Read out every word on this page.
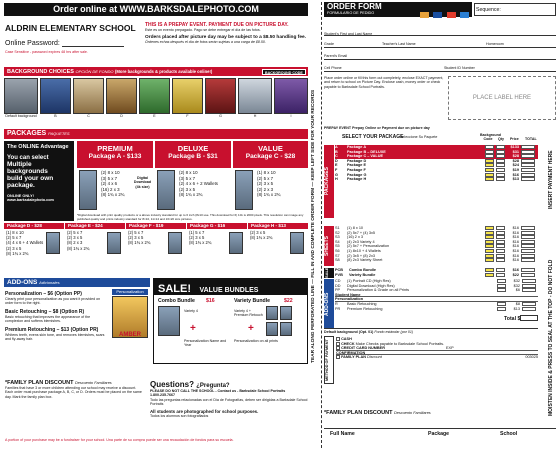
Order online at WWW.BARKSDALEPHOTO.COM
ALDRIN ELEMENTARY SCHOOL
Online Password:
Case Sensitive - password expires 48 hrs after sale.
THIS IS A PREPAY EVENT. PAYMENT DUE ON PICTURE DAY.
Este es un evento prepagado. Pago se debe entregar el día de las fotos.
Orders placed after picture day may be subject to a $8.50 handling fee.
Órdenes echas después el día de fotos serán sujetas a una carga de $8.50.
BACKGROUND CHOICES OPCIÓN DE FONDO (More backgrounds & products available online!)	BACKGROUND CODE
Default background	B	C	D	E	F	G	H	I
PACKAGES PAQUETES
The ONLINE Advantage
You can select
Multiple backgrounds
build your own package.
ONLINE ONLY! www.barksdalephoto.com
PREMIUM
Package A - $133
DELUXE
Package B - $31
VALUE
Package C - $28
(2) 8 x 10
(3) 5 x 7
(2) 4 x 6
(16) 2 x 3
(8) 1¾ x 2¾
Digital Download (4k size)
(2) 8 x 10
(3) 5 x 7
(2) 4 x 6 + 2 Wallets
(2) 3 x 5
(8) 1¾ x 2¾
(1) 8 x 10
(2) 5 x 7
(2) 3 x 5
(2) 2 x 3
(8) 1¾ x 2¾
*Digital download with print quality products or a above industry standard for up to 6 inch (8x10 use. This download for 6) 10x is 2000 pixels. This resolution can image any published quality and prints industry standard for 8×10, 11×14 and 16×20 size pictures.
Package D - $28	Package E - $24	Package F - $19	Package G - $16	Package H - $13
(1) 8 x 10
(2) 5 x 7
(4) 4 x 6 + 4 Wallets
(2) 3 x 5
(8) 1¾ x 2¾
(2) 5 x 7
(2) 3 x 5
(8) 2 x 3
(8) 1¾ x 2¾
(2) 5 x 7
(2) 3 x 5
(8) 1¾ x 2¾
(1) 5 x 7
(2) 3 x 5
(8) 1¾ x 2¾
(2) 3 x 5
(8) 1¾ x 2¾
ADD-ONS Adicionales
Personalization – $6 (Option PP)
Clearly print your personalization as you want it provided on order form to the right.
Basic Retouching – $8 (Option R)
Basic retouching that improves the appearance of the complexion and softens blemishes.
Premium Retouching – $13 (Option PR)
Whitens teeth, evens skin tone, and removes blemishes, scars and fly-away hair.
Personalization
AMBER
SALE! VALUE BUNDLES
Combo Bundle $16
Variety 4
+
Personalization Name and Year
Variety Bundle	$22
Variety 4 + Premium Retouch
+
Personalization on all prints
*FAMILY PLAN DISCOUNT Descuento Familiares
Families that have 3 or more children attending our school may receive a discount. Each order must purchase package A, B, C, or D. Orders must be placed on the same day. Mark the family plan box.
Questions? ¿Pregunta?
PLEASE DO NOT CALL THE SCHOOL - Contact us - Barksdale School Portraits 1.800.235.7667
Todo las preguntas relacionadas con el Día de Fotografías, deben ser dirigidas a Barksdale School Portraits
All students are photographed for school purposes.
Todos los alumnos son fotografiados
A portion of your purchase may be a fundraiser for your school. Una parte de su compra puede ser una recaudación de fondos para su escuela.
TEAR ALONG PERFORATED LINE — FILL IN AND COMPLETE ORDER FORM — KEEP LEFT SIDE FOR YOUR RECORDS
ORDER FORM
FORMULARIO DE PEDIDO
	Sequence:
Student's First and Last Name
Grade	Teacher's Last Name	Homeroom
Parent's Email
Cell Phone	Student ID Number
Place order online or fill this form out completely, enclose EXACT payment, and return to school on Picture Day. Enclose cash, money order or check payable to Barksdale School Portraits.
PLACE LABEL HERE
PREPAY EVENT Prepay Online or Payment due on picture day
SELECT YOUR PACKAGE
Seleccione Su Paquete	Background Code	Qty Price TOTAL
PACKAGES
A Package A	$133
B Package B – DELUXE	$31
C Package C – VALUE	$28
D Package D	$28
E Package E	$24
F	Package F	$19
G Package G	$16
H Package H	$13
SHEETS
S1 (1) 8 x 10	$16
S2 (2) 5x7 + (4) 3x5	$16
S3 (16) 2 x 3	$16
S4 (4) 2x3 Variety 4	$16
S5 (2) 5x7 + Personalization	$16
S6 (1) 8x10 + 4 Wallets	$16
S7 (2) 3x5 + (8) 2x3	$16
S8 (8) 2x3 Variety Sheet	$16
SALE	PCB Combo Bundle	$16
PVB Variety Bundle	$22
ADD-ONS
CD (1) Portrait CD (High Res)	$32
DD Digital Download (High Res)	$32
PP Personalization & Grade on all Prints	$6
Student Name
Personalization
R Basic Retouching	$8
PR Premium Retouching	$13
Total $
Default background (Opt. 01) Fondo estándar (por 01)
METHOD OF PAYMENT
CASH
CHECK Make Checks payable to Barksdale School Portraits.
CREDIT CARD NUMBER	EXP
CONFIRMATION
FAMILY PLAN Discount	003025
*FAMILY PLAN DISCOUNT Descuento Familiares
Full Name	Package	School
INSERT PAYMENT HERE
MOISTEN INSIDE & PRESS TO SEAL AT THE TOP - DO NOT FOLD
